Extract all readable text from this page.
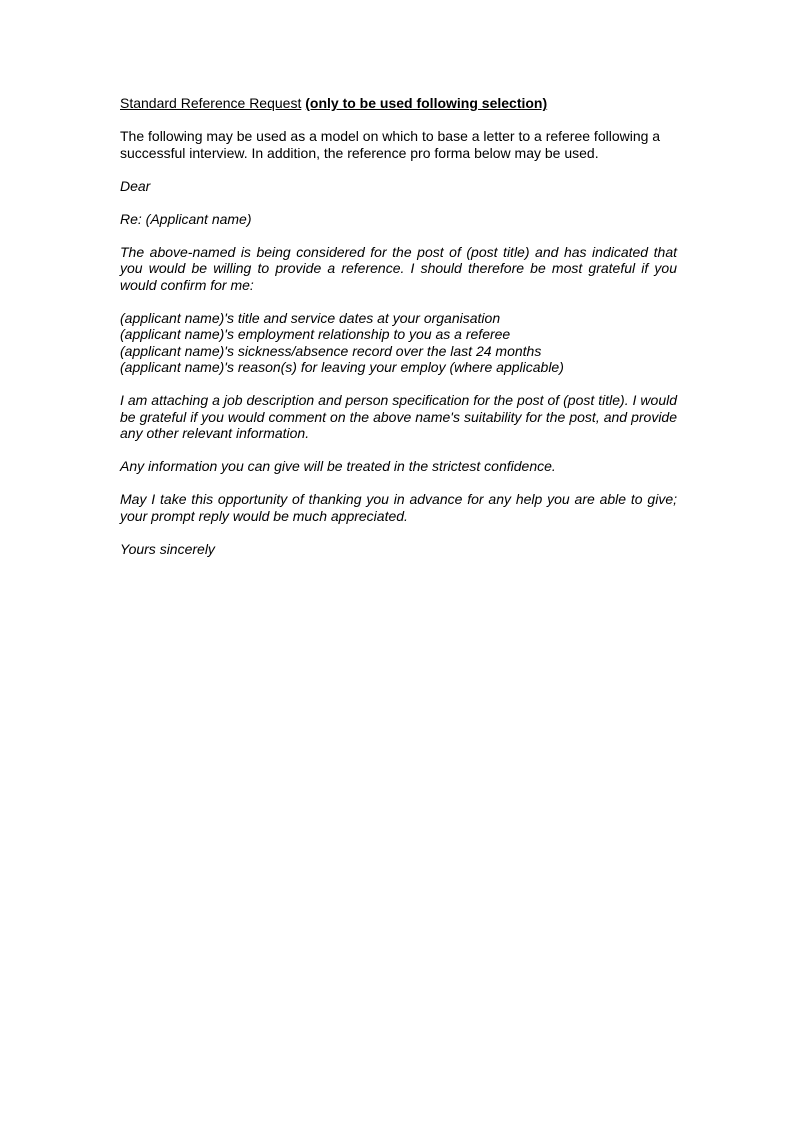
Standard Reference Request (only to be used following selection)

The following may be used as a model on which to base a letter to a referee following a successful interview. In addition, the reference pro forma below may be used.

Dear

Re: (Applicant name)

The above-named is being considered for the post of (post title) and has indicated that you would be willing to provide a reference. I should therefore be most grateful if you would confirm for me:

(applicant name)'s title and service dates at your organisation
(applicant name)'s employment relationship to you as a referee
(applicant name)'s sickness/absence record over the last 24 months
(applicant name)'s reason(s) for leaving your employ (where applicable)

I am attaching a job description and person specification for the post of (post title). I would be grateful if you would comment on the above name's suitability for the post, and provide any other relevant information.

Any information you can give will be treated in the strictest confidence.

May I take this opportunity of thanking you in advance for any help you are able to give; your prompt reply would be much appreciated.

Yours sincerely
